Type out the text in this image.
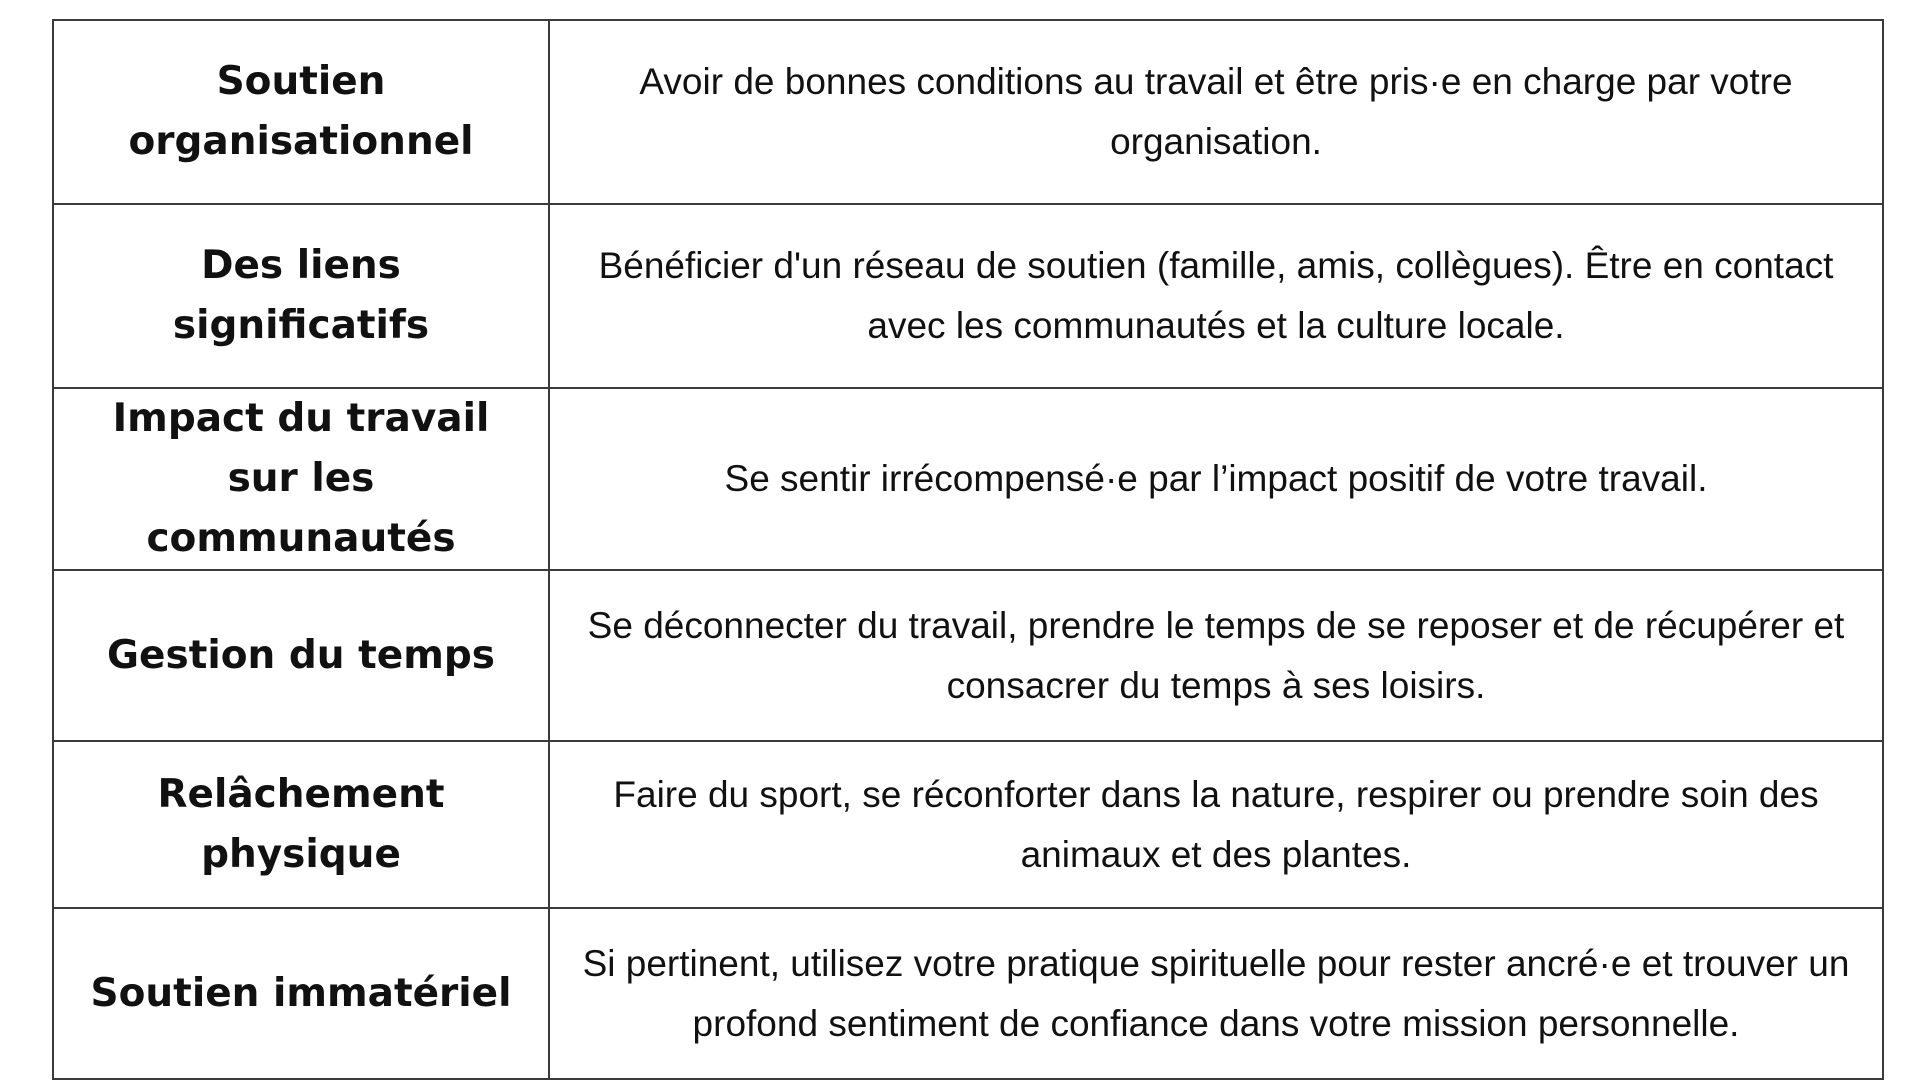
Soutien organisationnel	Avoir de bonnes conditions au travail et être pris·e en charge par votre organisation.
Des liens significatifs	Bénéficier d'un réseau de soutien (famille, amis, collègues). Être en contact avec les communautés et la culture locale.
Impact du travail sur les communautés	Se sentir irrécompensé·e par l’impact positif de votre travail.
Gestion du temps	Se déconnecter du travail, prendre le temps de se reposer et de récupérer et consacrer du temps à ses loisirs.
Relâchement physique	Faire du sport, se réconforter dans la nature, respirer ou prendre soin des animaux et des plantes.
Soutien immatériel	Si pertinent, utilisez votre pratique spirituelle pour rester ancré·e et trouver un profond sentiment de confiance dans votre mission personnelle.
